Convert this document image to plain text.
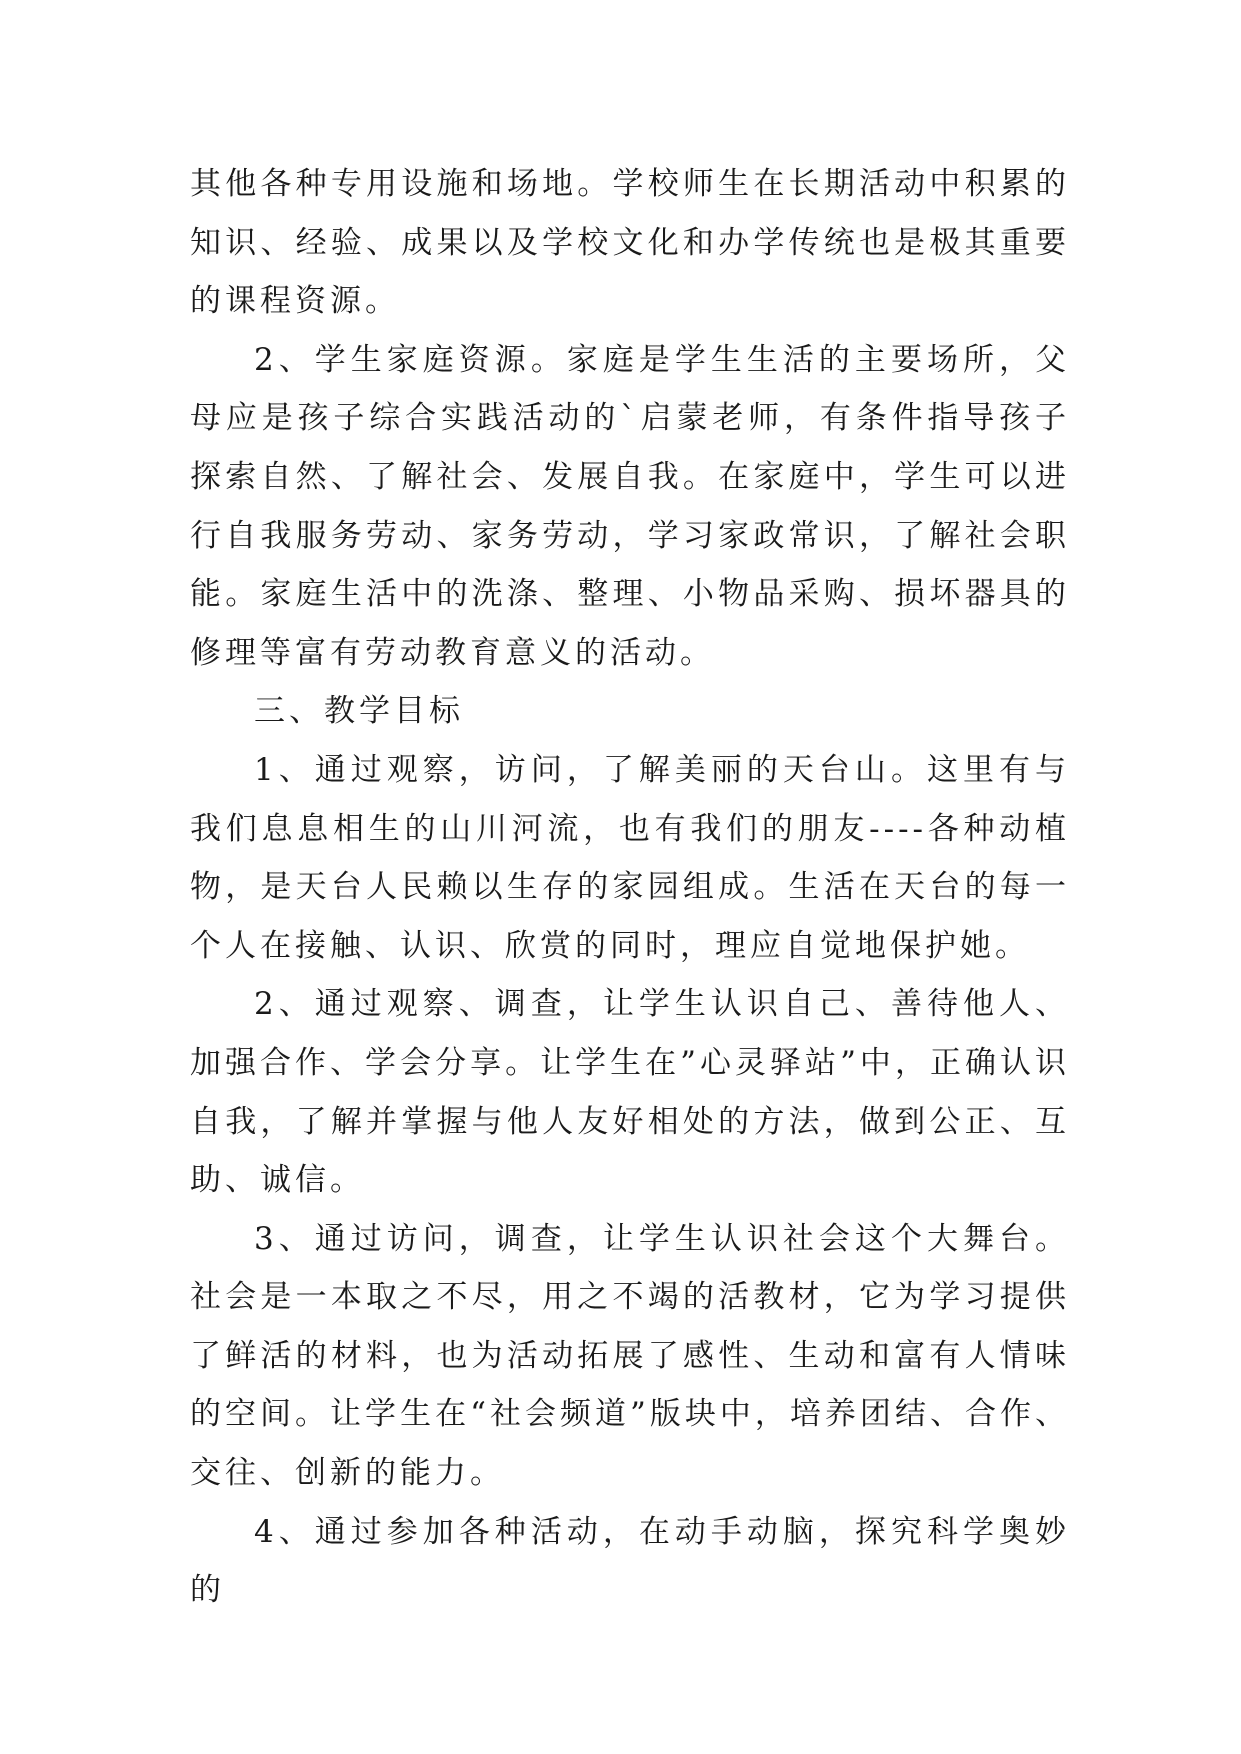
其他各种专用设施和场地。学校师生在长期活动中积累的知识、经验、成果以及学校文化和办学传统也是极其重要的课程资源。

2、学生家庭资源。家庭是学生生活的主要场所，父母应是孩子综合实践活动的`启蒙老师，有条件指导孩子探索自然、了解社会、发展自我。在家庭中，学生可以进行自我服务劳动、家务劳动，学习家政常识，了解社会职能。家庭生活中的洗涤、整理、小物品采购、损坏器具的修理等富有劳动教育意义的活动。

三、教学目标

1、通过观察，访问，了解美丽的天台山。这里有与我们息息相生的山川河流，也有我们的朋友----各种动植物，是天台人民赖以生存的家园组成。生活在天台的每一个人在接触、认识、欣赏的同时，理应自觉地保护她。

2、通过观察、调查，让学生认识自己、善待他人、加强合作、学会分享。让学生在”心灵驿站”中，正确认识自我，了解并掌握与他人友好相处的方法，做到公正、互助、诚信。

3、通过访问，调查，让学生认识社会这个大舞台。社会是一本取之不尽，用之不竭的活教材，它为学习提供了鲜活的材料，也为活动拓展了感性、生动和富有人情味的空间。让学生在“社会频道”版块中，培养团结、合作、交往、创新的能力。

4、通过参加各种活动，在动手动脑，探究科学奥妙的
